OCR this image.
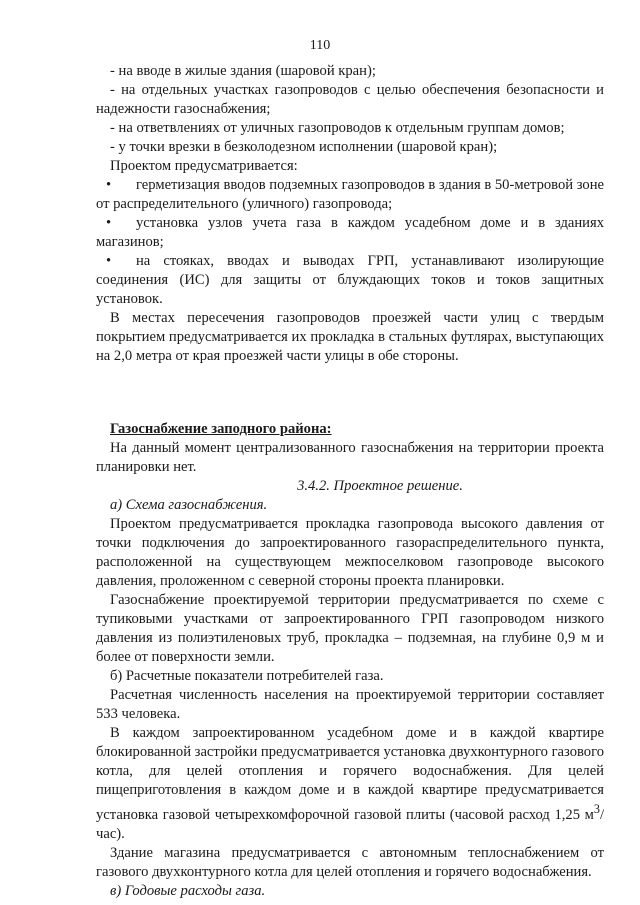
110

- на вводе в жилые здания (шаровой кран);

- на отдельных участках газопроводов с целью обеспечения безопасности и надежности газоснабжения;

- на ответвлениях от уличных газопроводов к отдельным группам домов;

- у точки врезки в безколодезном исполнении (шаровой кран);

Проектом предусматривается:

• герметизация вводов подземных газопроводов в здания в 50-метровой зоне от распределительного (уличного) газопровода;

• установка узлов учета газа в каждом усадебном доме и в зданиях магазинов;

• на стояках, вводах и выводах ГРП, устанавливают изолирующие соединения (ИС) для защиты от блуждающих токов и токов защитных установок.

В местах пересечения газопроводов проезжей части улиц с твердым покрытием предусматривается их прокладка в стальных футлярах, выступающих на 2,0 метра от края проезжей части улицы в обе стороны.

Газоснабжение заподного района:

На данный момент централизованного газоснабжения на территории проекта планировки нет.

3.4.2. Проектное решение.

а) Схема газоснабжения.

Проектом предусматривается прокладка газопровода высокого давления от точки подключения до запроектированного газораспределительного пункта, расположенной на существующем межпоселковом газопроводе высокого давления, проложенном с северной стороны проекта планировки.

Газоснабжение проектируемой территории предусматривается по схеме с тупиковыми участками от запроектированного ГРП газопроводом низкого давления из полиэтиленовых труб, прокладка – подземная, на глубине 0,9 м и более от поверхности земли.

б) Расчетные показатели потребителей газа.

Расчетная численность населения на проектируемой территории составляет 533 человека.

В каждом запроектированном усадебном доме и в каждой квартире блокированной застройки предусматривается установка двухконтурного газового котла, для целей отопления и горячего водоснабжения. Для целей пищеприготовления в каждом доме и в каждой квартире предусматривается установка газовой четырехкомфорочной газовой плиты (часовой расход 1,25 $м^3/час$).

Здание магазина предусматривается с автономным теплоснабжением от газового двухконтурного котла для целей отопления и горячего водоснабжения.

в) Годовые расходы газа.
